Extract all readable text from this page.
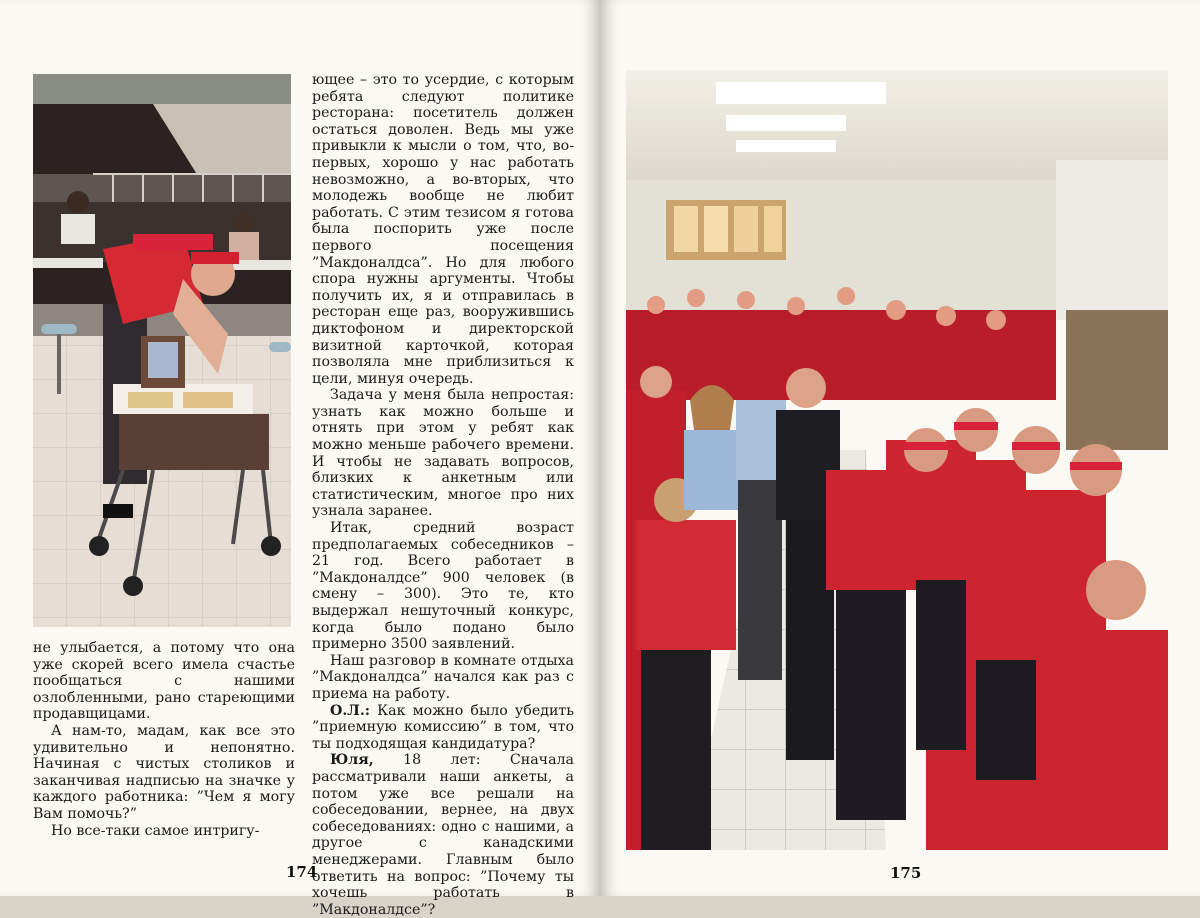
ющее – это то усердие, с которым ребята следуют политике ресторана: посетитель должен остаться доволен. Ведь мы уже привыкли к мысли о том, что, во-первых, хорошо у нас работать невозможно, а во-вторых, что молодежь вообще не любит работать. С этим тезисом я готова была поспорить уже после первого посещения ”Макдоналдса”. Но для любого спора нужны аргументы. Чтобы получить их, я и отправилась в ресторан еще раз, вооружившись диктофоном и директорской визитной карточкой, которая позволяла мне приблизиться к цели, минуя очередь.

Задача у меня была непростая: узнать как можно больше и отнять при этом у ребят как можно меньше рабочего времени. И чтобы не задавать вопросов, близких к анкетным или статистическим, многое про них узнала заранее.

Итак, средний возраст предполагаемых собеседников – 21 год. Всего работает в ”Макдоналдсе” 900 человек (в смену – 300). Это те, кто выдержал нешуточный конкурс, когда было подано было примерно 3500 заявлений.

Наш разговор в комнате отдыха ”Макдоналдса” начался как раз с приема на работу.

О.Л.: Как можно было убедить ”приемную комиссию” в том, что ты подходящая кандидатура?

Юля, 18 лет: Сначала рассматривали наши анкеты, а потом уже все решали на собеседовании, вернее, на двух собеседованиях: одно с нашими, а другое с канадскими менеджерами. Главным было ответить на вопрос: ”Почему ты хочешь работать в ”Макдоналдсе”?

не улыбается, а потому что она уже скорей всего имела счастье пообщаться с нашими озлобленными, рано стареющими продавщицами.

А нам-то, мадам, как все это удивительно и непонятно. Начиная с чистых столиков и заканчивая надписью на значке у каждого работника: ”Чем я могу Вам помочь?”

Но все-таки самое интригу-

174	175
